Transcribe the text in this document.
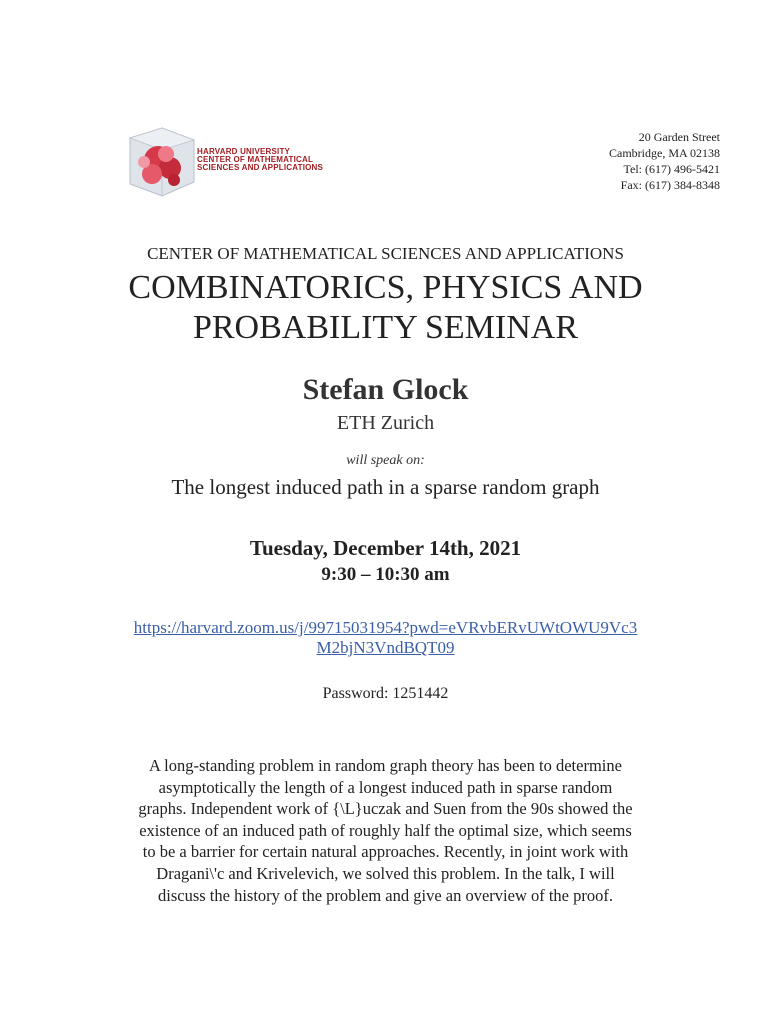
HARVARD UNIVERSITY
CENTER OF MATHEMATICAL
SCIENCES AND APPLICATIONS
20 Garden Street
Cambridge, MA 02138
Tel: (617) 496-5421
Fax: (617) 384-8348
CENTER OF MATHEMATICAL SCIENCES AND APPLICATIONS
COMBINATORICS, PHYSICS AND
PROBABILITY SEMINAR
Stefan Glock
ETH Zurich
will speak on:
The longest induced path in a sparse random graph
Tuesday, December 14th, 2021
9:30 – 10:30 am
https://harvard.zoom.us/j/99715031954?pwd=eVRvbERvUWtOWU9Vc3
M2bjN3VndBQT09
Password: 1251442
A long-standing problem in random graph theory has been to determine
asymptotically the length of a longest induced path in sparse random
graphs. Independent work of {\L}uczak and Suen from the 90s showed the
existence of an induced path of roughly half the optimal size, which seems
to be a barrier for certain natural approaches. Recently, in joint work with
Dragani\'c and Krivelevich, we solved this problem. In the talk, I will
discuss the history of the problem and give an overview of the proof.
